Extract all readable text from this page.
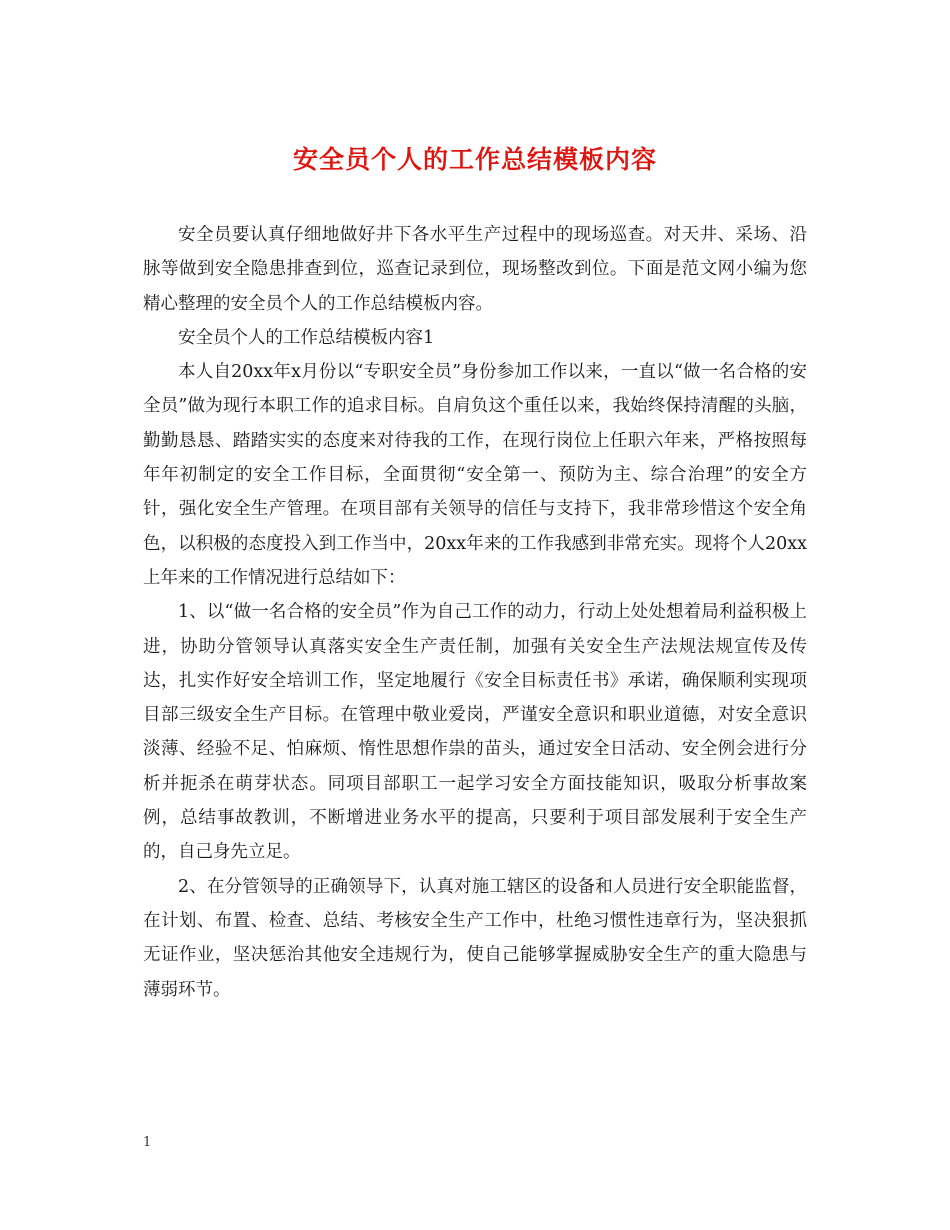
安全员个人的工作总结模板内容

安全员要认真仔细地做好井下各水平生产过程中的现场巡查。对天井、采场、沿脉等做到安全隐患排查到位，巡查记录到位，现场整改到位。下面是范文网小编为您精心整理的安全员个人的工作总结模板内容。

安全员个人的工作总结模板内容1

本人自20xx年x月份以“专职安全员”身份参加工作以来，一直以“做一名合格的安全员”做为现行本职工作的追求目标。自肩负这个重任以来，我始终保持清醒的头脑，勤勤恳恳、踏踏实实的态度来对待我的工作，在现行岗位上任职六年来，严格按照每年年初制定的安全工作目标，全面贯彻“安全第一、预防为主、综合治理”的安全方针，强化安全生产管理。在项目部有关领导的信任与支持下，我非常珍惜这个安全角色，以积极的态度投入到工作当中，20xx年来的工作我感到非常充实。现将个人20xx上年来的工作情况进行总结如下：

1、以“做一名合格的安全员”作为自己工作的动力，行动上处处想着局利益积极上进，协助分管领导认真落实安全生产责任制，加强有关安全生产法规法规宣传及传达，扎实作好安全培训工作，坚定地履行《安全目标责任书》承诺，确保顺利实现项目部三级安全生产目标。在管理中敬业爱岗，严谨安全意识和职业道德，对安全意识淡薄、经验不足、怕麻烦、惰性思想作祟的苗头，通过安全日活动、安全例会进行分析并扼杀在萌芽状态。同项目部职工一起学习安全方面技能知识，吸取分析事故案例，总结事故教训，不断增进业务水平的提高，只要利于项目部发展利于安全生产的，自己身先立足。

2、在分管领导的正确领导下，认真对施工辖区的设备和人员进行安全职能监督，在计划、布置、检查、总结、考核安全生产工作中，杜绝习惯性违章行为，坚决狠抓无证作业，坚决惩治其他安全违规行为，使自己能够掌握威胁安全生产的重大隐患与薄弱环节。

1
